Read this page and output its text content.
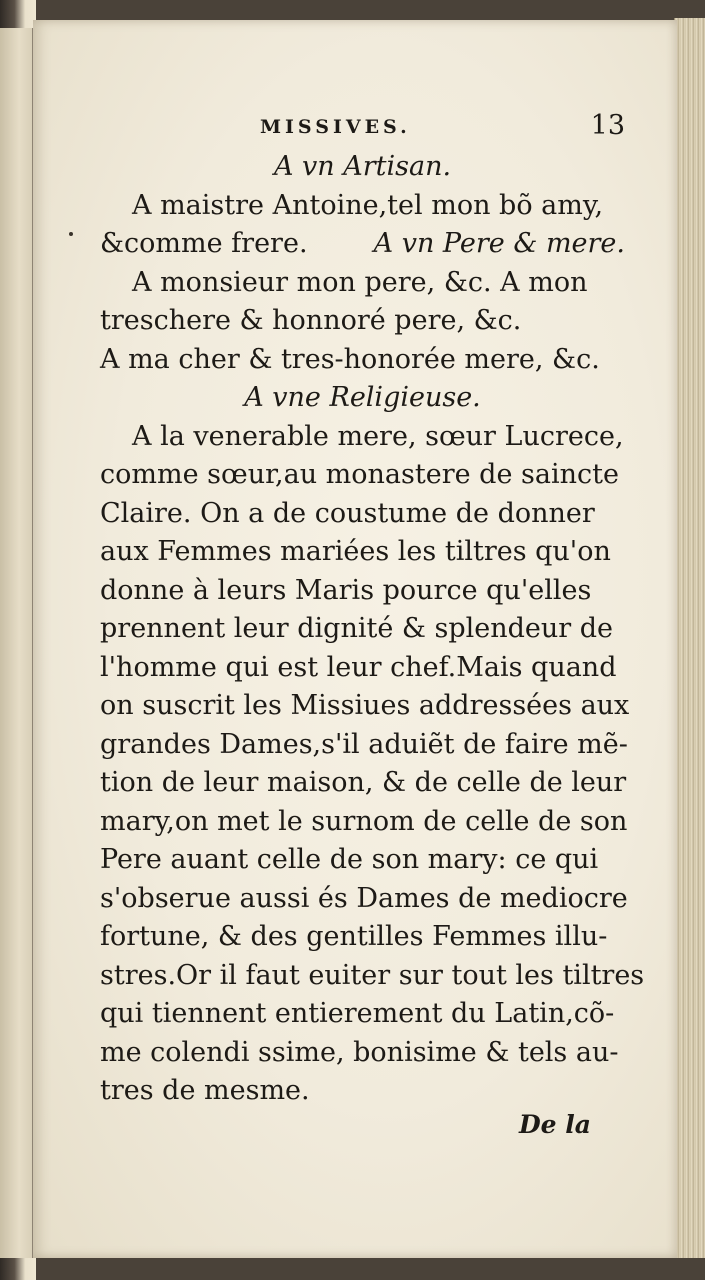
MISSIVES.	13
A vn Artisan.
A maistre Antoine,tel mon bõ amy,
&comme frere. A vn Pere & mere.
A monsieur mon pere, &c. A mon
treschere & honnoré pere, &c.
A ma cher & tres-honorée mere, &c.
A vne Religieuse.
A la venerable mere, sœur Lucrece,
comme sœur,au monastere de saincte
Claire. On a de coustume de donner
aux Femmes mariées les tiltres qu'on
donne à leurs Maris pource qu'elles
prennent leur dignité & splendeur de
l'homme qui est leur chef.Mais quand
on suscrit les Missiues addressées aux
grandes Dames,s'il aduiẽt de faire mẽ-
tion de leur maison, & de celle de leur
mary,on met le surnom de celle de son
Pere auant celle de son mary: ce qui
s'obserue aussi és Dames de mediocre
fortune, & des gentilles Femmes illu-
stres.Or il faut euiter sur tout les tiltres
qui tiennent entierement du Latin,cõ-
me colendi ssime, bonisime & tels au-
tres de mesme.
De la
